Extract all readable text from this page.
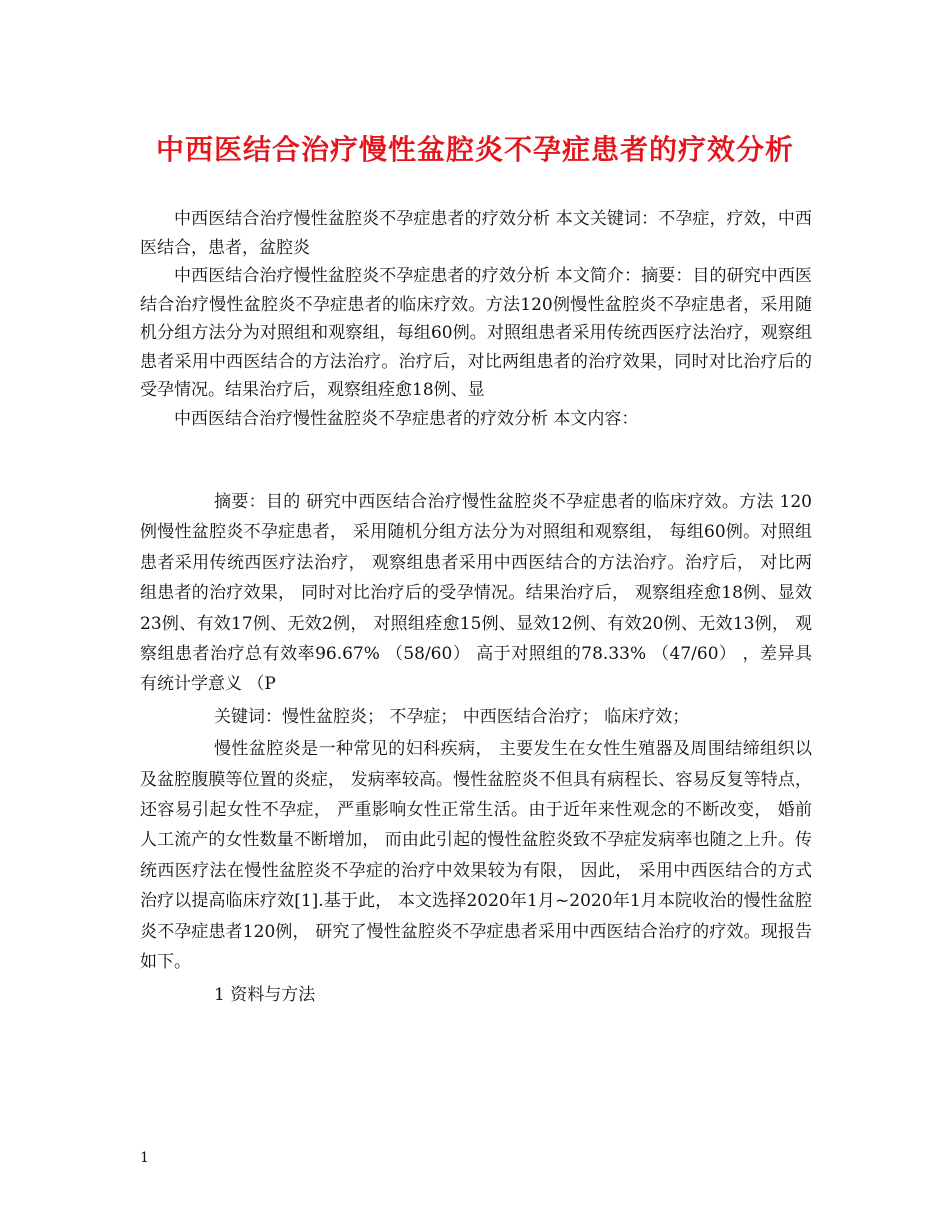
中西医结合治疗慢性盆腔炎不孕症患者的疗效分析

中西医结合治疗慢性盆腔炎不孕症患者的疗效分析 本文关键词：不孕症，疗效，中西医结合，患者，盆腔炎

中西医结合治疗慢性盆腔炎不孕症患者的疗效分析 本文简介：摘要：目的研究中西医结合治疗慢性盆腔炎不孕症患者的临床疗效。方法120例慢性盆腔炎不孕症患者，采用随机分组方法分为对照组和观察组，每组60例。对照组患者采用传统西医疗法治疗，观察组患者采用中西医结合的方法治疗。治疗后，对比两组患者的治疗效果，同时对比治疗后的受孕情况。结果治疗后，观察组痊愈18例、显

中西医结合治疗慢性盆腔炎不孕症患者的疗效分析 本文内容：

摘要：目的 研究中西医结合治疗慢性盆腔炎不孕症患者的临床疗效。方法 120例慢性盆腔炎不孕症患者， 采用随机分组方法分为对照组和观察组， 每组60例。对照组患者采用传统西医疗法治疗， 观察组患者采用中西医结合的方法治疗。治疗后， 对比两组患者的治疗效果， 同时对比治疗后的受孕情况。结果治疗后， 观察组痊愈18例、显效23例、有效17例、无效2例， 对照组痊愈15例、显效12例、有效20例、无效13例， 观察组患者治疗总有效率96.67% （58/60） 高于对照组的78.33% （47/60） ，差异具有统计学意义 （P

关键词：慢性盆腔炎； 不孕症； 中西医结合治疗； 临床疗效；

慢性盆腔炎是一种常见的妇科疾病， 主要发生在女性生殖器及周围结缔组织以及盆腔腹膜等位置的炎症， 发病率较高。慢性盆腔炎不但具有病程长、容易反复等特点， 还容易引起女性不孕症， 严重影响女性正常生活。由于近年来性观念的不断改变， 婚前人工流产的女性数量不断增加， 而由此引起的慢性盆腔炎致不孕症发病率也随之上升。传统西医疗法在慢性盆腔炎不孕症的治疗中效果较为有限， 因此， 采用中西医结合的方式治疗以提高临床疗效[1].基于此， 本文选择2020年1月~2020年1月本院收治的慢性盆腔炎不孕症患者120例， 研究了慢性盆腔炎不孕症患者采用中西医结合治疗的疗效。现报告如下。

1 资料与方法

1
